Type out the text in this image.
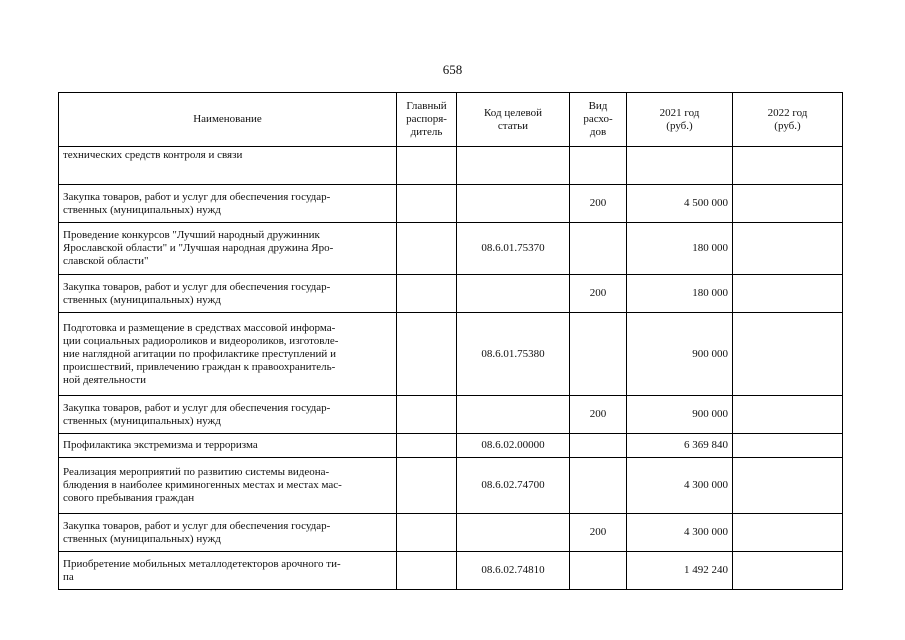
658
Наименование	Главный
распоря-
дитель	Код целевой
статьи	Вид
расхо-
дов	2021 год
(руб.)	2022 год
(руб.)
технических средств контроля и связи					
Закупка товаров, работ и услуг для обеспечения государ-
ственных (муниципальных) нужд			200	4 500 000	
Проведение конкурсов "Лучший народный дружинник
Ярославской области" и "Лучшая народная дружина Яро-
славской области"		08.6.01.75370		180 000	
Закупка товаров, работ и услуг для обеспечения государ-
ственных (муниципальных) нужд			200	180 000	
Подготовка и размещение в средствах массовой информа-
ции социальных радиороликов и видеороликов, изготовле-
ние наглядной агитации по профилактике преступлений и
происшествий, привлечению граждан к правоохранитель-
ной деятельности		08.6.01.75380		900 000	
Закупка товаров, работ и услуг для обеспечения государ-
ственных (муниципальных) нужд			200	900 000	
Профилактика экстремизма и терроризма		08.6.02.00000		6 369 840	
Реализация мероприятий по развитию системы видеона-
блюдения в наиболее криминогенных местах и местах мас-
сового пребывания граждан		08.6.02.74700		4 300 000	
Закупка товаров, работ и услуг для обеспечения государ-
ственных (муниципальных) нужд			200	4 300 000	
Приобретение мобильных металлодетекторов арочного ти-
па		08.6.02.74810		1 492 240	
